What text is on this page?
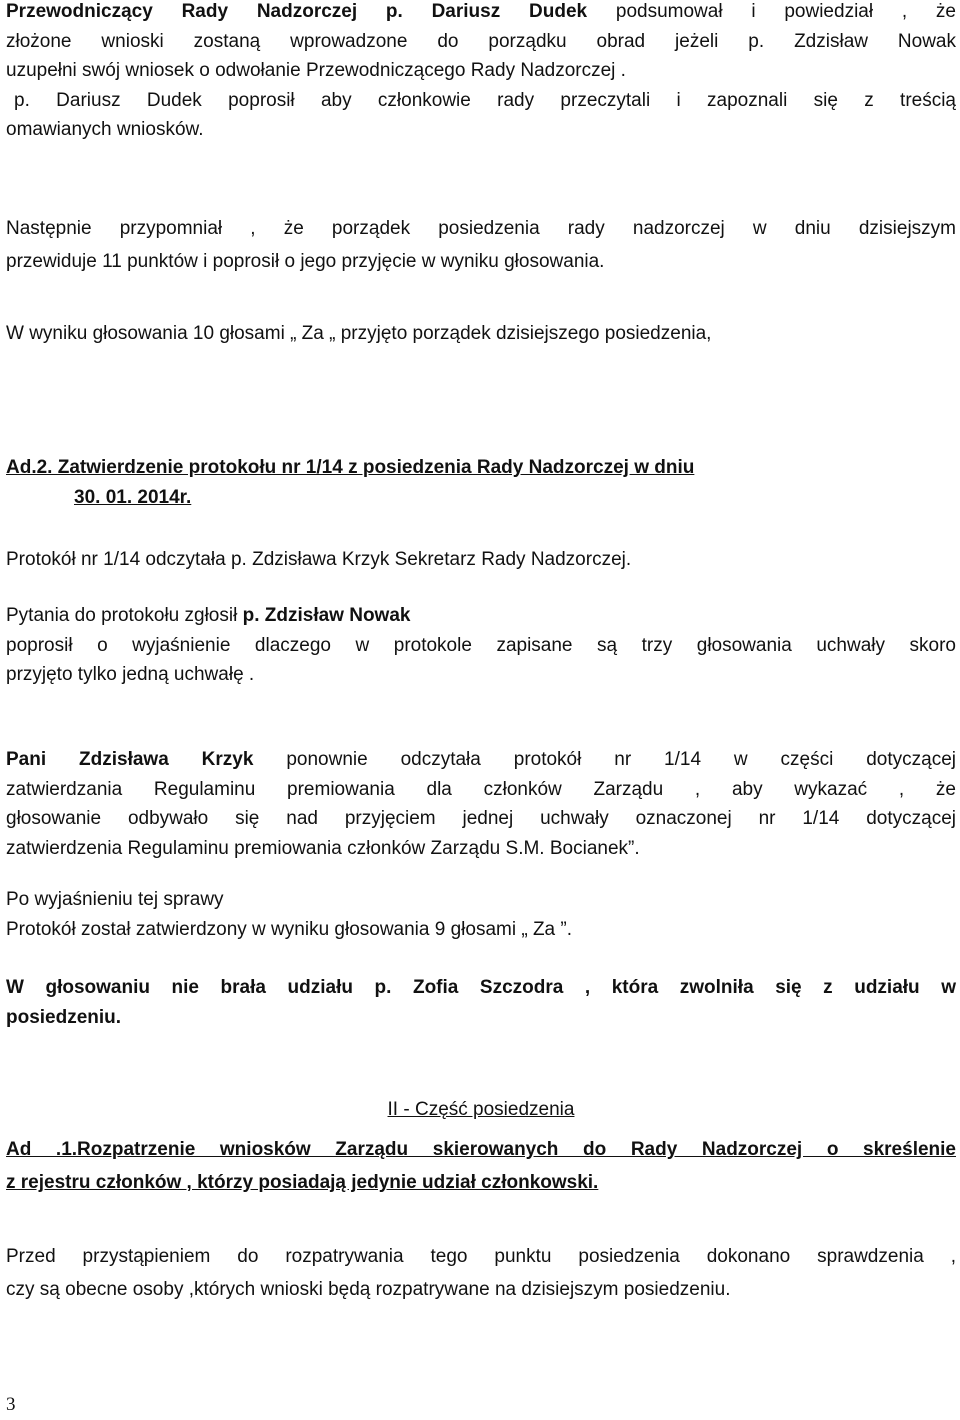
Przewodniczący Rady Nadzorczej p. Dariusz Dudek podsumował i powiedział , że
złożone wnioski zostaną wprowadzone do porządku obrad jeżeli p. Zdzisław Nowak
uzupełni swój wniosek o odwołanie Przewodniczącego Rady Nadzorczej .
p. Dariusz Dudek poprosił aby członkowie rady przeczytali i zapoznali się z treścią
omawianych wniosków.
Następnie przypomniał , że porządek posiedzenia rady nadzorczej w dniu dzisiejszym
przewiduje 11 punktów i poprosił o jego przyjęcie w wyniku głosowania.
W wyniku głosowania 10 głosami „ Za „ przyjęto porządek dzisiejszego posiedzenia,
Ad.2. Zatwierdzenie protokołu nr 1/14 z posiedzenia Rady Nadzorczej w dniu
30. 01. 2014r.
Protokół nr 1/14 odczytała p. Zdzisława Krzyk Sekretarz Rady Nadzorczej.
Pytania do protokołu zgłosił p. Zdzisław Nowak
poprosił o wyjaśnienie dlaczego w protokole zapisane są trzy głosowania uchwały skoro
przyjęto tylko jedną uchwałę .
Pani Zdzisława Krzyk ponownie odczytała protokół nr 1/14 w części dotyczącej
zatwierdzania Regulaminu premiowania dla członków Zarządu , aby wykazać , że
głosowanie odbywało się nad przyjęciem jednej uchwały oznaczonej nr 1/14 dotyczącej
zatwierdzenia Regulaminu premiowania członków Zarządu S.M. Bocianek”.
Po wyjaśnieniu tej sprawy
Protokół został zatwierdzony w wyniku głosowania 9 głosami „ Za ”.
W głosowaniu nie brała udziału p. Zofia Szczodra , która zwolniła się z udziału w
posiedzeniu.
II - Część posiedzenia
Ad .1.Rozpatrzenie wniosków Zarządu skierowanych do Rady Nadzorczej o skreślenie
z rejestru członków , którzy posiadają jedynie udział członkowski.
Przed przystąpieniem do rozpatrywania tego punktu posiedzenia dokonano sprawdzenia ,
czy są obecne osoby ,których wnioski będą rozpatrywane na dzisiejszym posiedzeniu.
3
